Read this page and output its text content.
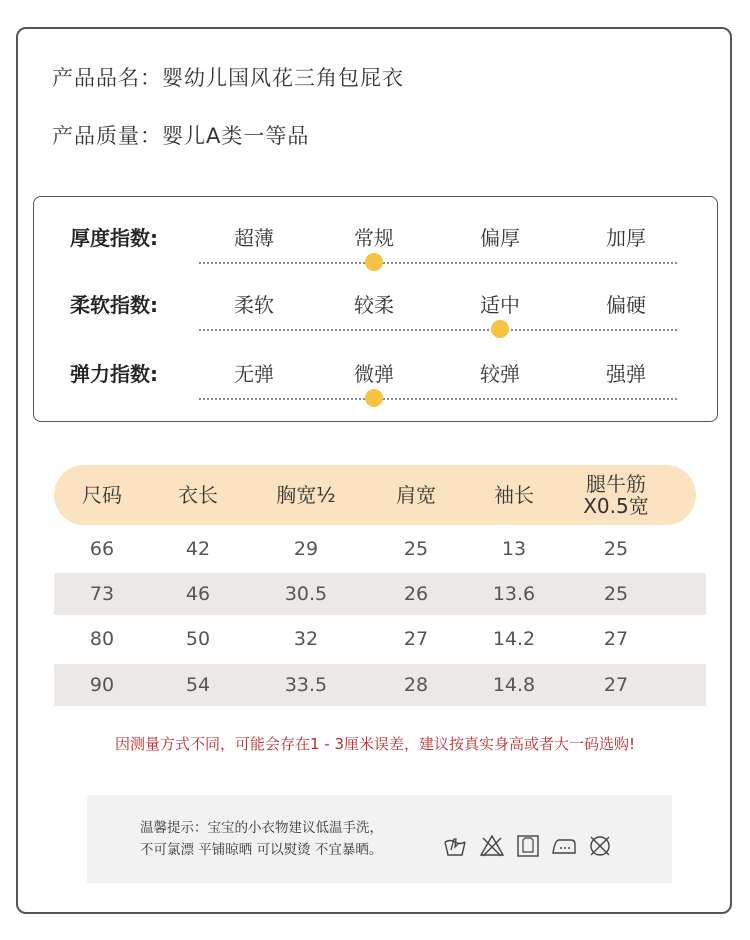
产品品名：婴幼儿国风花三角包屁衣
产品质量：婴儿A类一等品
厚度指数:	超薄	常规	偏厚	加厚
柔软指数:	柔软	较柔	适中	偏硬
弹力指数:	无弹	微弹	较弹	强弹
尺码	衣长	胸宽½	肩宽	袖长	腿牛筋
X0.5宽
66	42	29	25	13	25
73	46	30.5	26	13.6	25
80	50	32	27	14.2	27
90	54	33.5	28	14.8	27
因测量方式不同，可能会存在1 - 3厘米误差，建议按真实身高或者大一码选购!
温馨提示：宝宝的小衣物建议低温手洗，
不可氯漂 平铺晾晒 可以熨烫 不宜暴晒。
